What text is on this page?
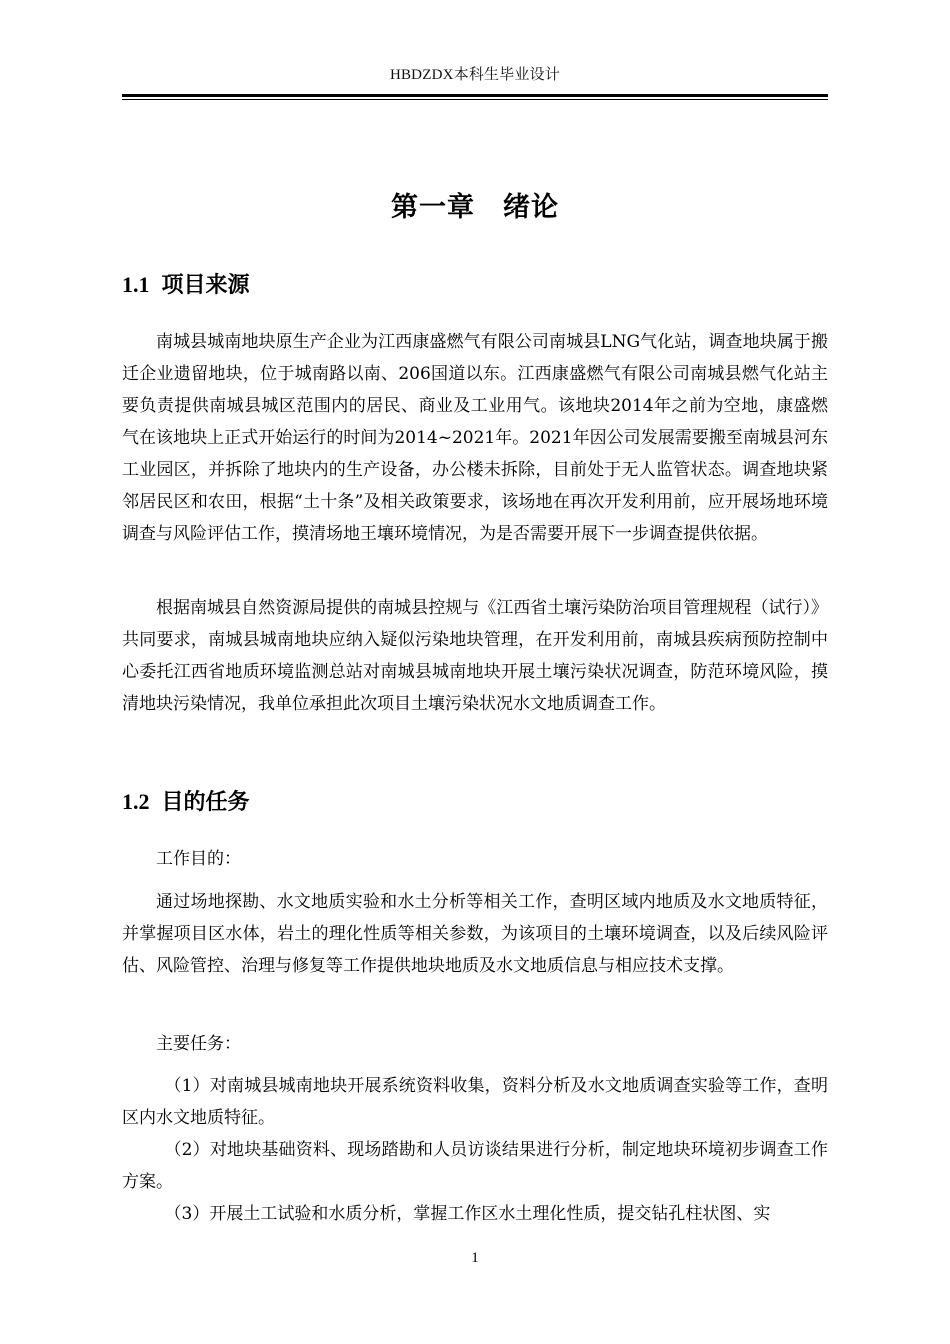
HBDZDX本科生毕业设计
第一章　绪论
1.1 项目来源

南城县城南地块原生产企业为江西康盛燃气有限公司南城县LNG气化站，调查地块属于搬迁企业遗留地块，位于城南路以南、206国道以东。江西康盛燃气有限公司南城县燃气化站主要负责提供南城县城区范围内的居民、商业及工业用气。该地块2014年之前为空地，康盛燃气在该地块上正式开始运行的时间为2014~2021年。2021年因公司发展需要搬至南城县河东工业园区，并拆除了地块内的生产设备，办公楼未拆除，目前处于无人监管状态。调查地块紧邻居民区和农田，根据“土十条”及相关政策要求，该场地在再次开发利用前，应开展场地环境调查与风险评估工作，摸清场地王壤环境情况，为是否需要开展下一步调查提供依据。

根据南城县自然资源局提供的南城县控规与《江西省土壤污染防治项目管理规程（试行）》共同要求，南城县城南地块应纳入疑似污染地块管理，在开发利用前，南城县疾病预防控制中心委托江西省地质环境监测总站对南城县城南地块开展土壤污染状况调查，防范环境风险，摸清地块污染情况，我单位承担此次项目土壤污染状况水文地质调查工作。

1.2 目的任务

工作目的：

通过场地探勘、水文地质实验和水土分析等相关工作，查明区域内地质及水文地质特征，并掌握项目区水体，岩土的理化性质等相关参数，为该项目的土壤环境调查，以及后续风险评估、风险管控、治理与修复等工作提供地块地质及水文地质信息与相应技术支撑。

主要任务：

（1）对南城县城南地块开展系统资料收集，资料分析及水文地质调查实验等工作，查明区内水文地质特征。

（2）对地块基础资料、现场踏勘和人员访谈结果进行分析，制定地块环境初步调查工作方案。

（3）开展土工试验和水质分析，掌握工作区水土理化性质，提交钻孔柱状图、实

1
